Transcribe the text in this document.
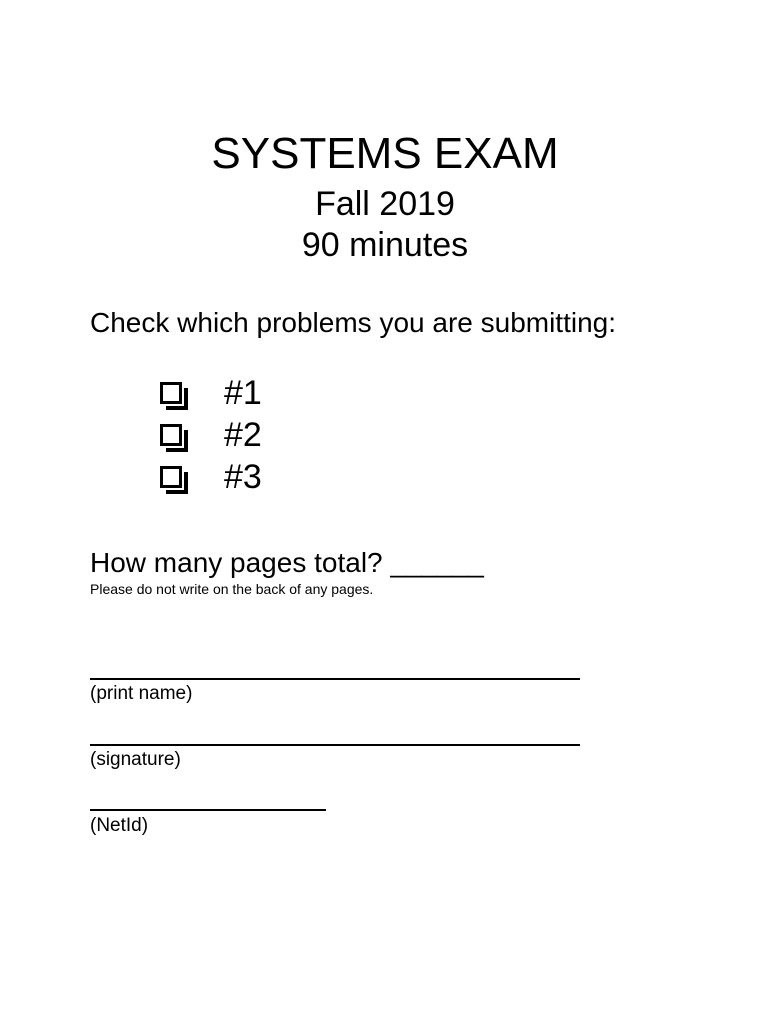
SYSTEMS EXAM
Fall 2019
90 minutes
Check which problems you are submitting:
#1
#2
#3
How many pages total? ______
Please do not write on the back of any pages.
(print name)
(signature)
(NetId)
